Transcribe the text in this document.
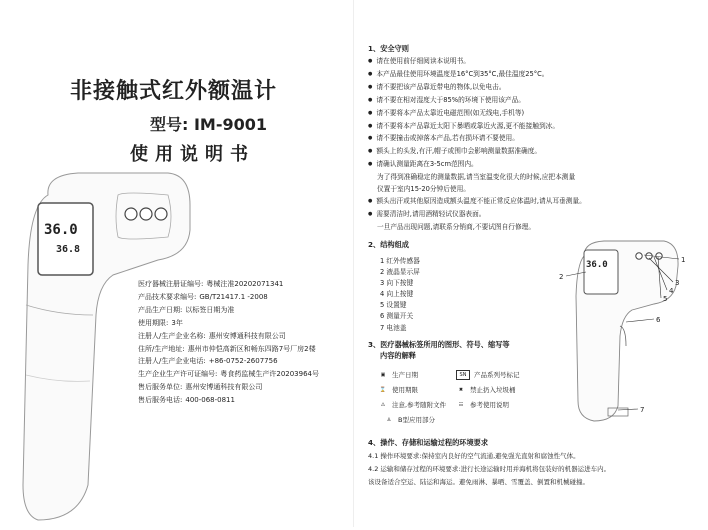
非接触式红外额温计
型号: IM-9001
使用说明书
36.0
36.8
医疗器械注册证编号: 粤械注准20202071341
产品技术要求编号: GB/T21417.1 -2008
产品生产日期: 以标签日期为准
使用期限: 3年
注册人/生产企业名称: 惠州安博通科技有限公司
住所/生产地址: 惠州市仲恺高新区和畅东四路7号厂房2楼
注册人/生产企业电话: +86-0752-2607756
生产企业生产许可证编号: 粤食药监械生产许20203964号
售后服务单位: 惠州安博通科技有限公司
售后服务电话: 400-068-0811
1、安全守则
● 请在使用前仔细阅读本说明书。
● 本产品最佳使用环境温度是16°C到35°C,最佳温度25°C。
● 请不要把该产品靠近带电的物体,以免电击。
● 请不要在相对湿度大于85%的环境下使用该产品。
● 请不要将本产品太靠近电磁范围(如无线电,手机等)
● 请不要将本产品靠近太阳下暴晒或靠近火源,更不能接触到冰。
● 请不要撞击或掉落本产品,若有损坏请不要使用。
● 额头上的头发,有汗,帽子或围巾会影响测量数据准确度。
● 请确认测量距离在3-5cm范围内。
为了得到准确稳定的测量数据,请当室温变化很大的时候,应把本测量
仪置于室内15-20分钟后使用。
● 额头出汗或其他原因造成额头温度不能正常反应体温时,请从耳垂测量。
● 需要清洁时,请用酒精轻试仪器表面。
一旦产品出现问题,请联系分销商,不要试图自行修理。
2、结构组成
1 红外传感器
2 液晶显示屏
3 向下按键
4 向上按键
5 设置键
6 测量开关
7 电池盖
36.0	1
2
3
4
5
6
7
3、医疗器械标签所用的图形、符号、缩写等
内容的解释
▣	生产日期	SN	产品系列号标记
⌛ 使用期限	✖	禁止扔入垃圾桶
⚠	注意,参考随附文件	☷	参考使用说明
♙	B型应用部分
4、操作、存储和运输过程的环境要求
4.1 操作环境要求:保持室内良好的空气流通,避免强光直射和腐蚀性气体。
4.2 运输和储存过程的环境要求:进行长途运输时用并海机将包装好的机器运进车内。
该设备适合空运、陆运和海运。避免雨淋、暴晒、雪覆盖、倒置和机械碰撞。
